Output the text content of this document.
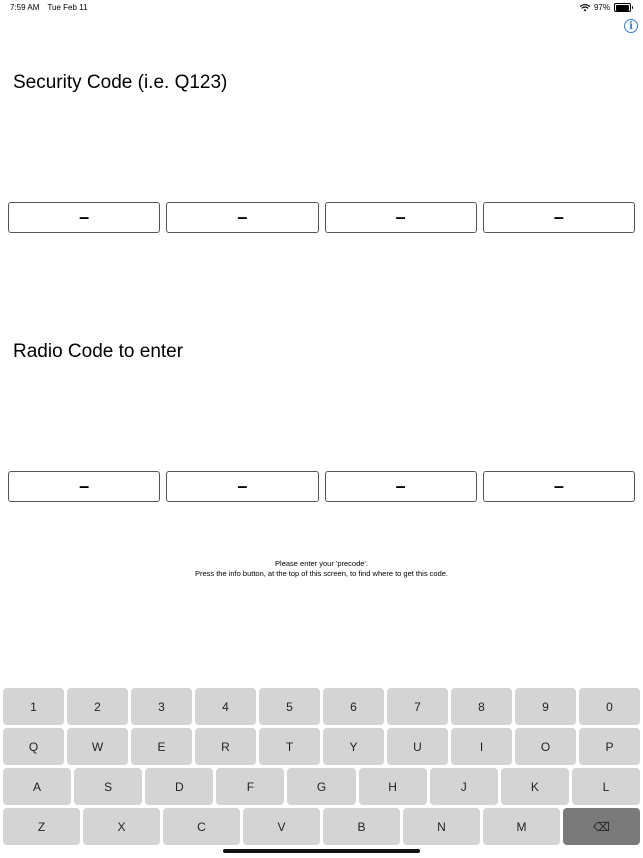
7:59 AM Tue Feb 11	97%
i
Security Code (i.e. Q123)
–	–	–	–
Radio Code to enter
–	–	–	–
Please enter your 'precode'.
Press the info button, at the top of this screen, to find where to get this code.
1	2	3	4	5	6	7	8	9	0
Q	W	E	R	T	Y	U	I	O	P
A	S	D	F	G	H	J	K	L
Z	X	C	V	B	N	M	⌫
